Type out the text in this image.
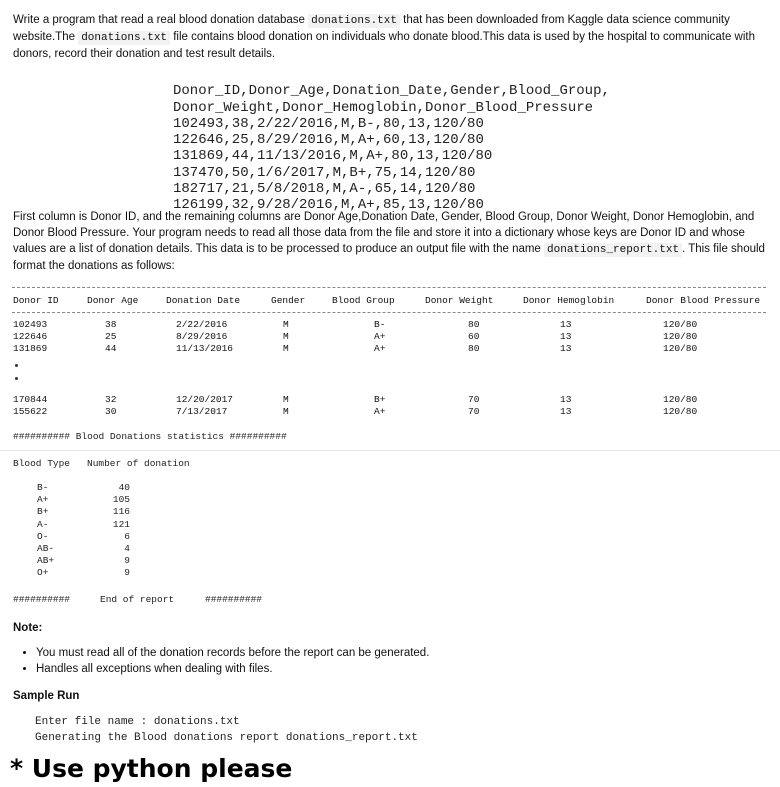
Write a program that read a real blood donation database donations.txt that has been downloaded from Kaggle data science community website.The donations.txt file contains blood donation on individuals who donate blood.This data is used by the hospital to communicate with donors, record their donation and test result details.

Donor_ID,Donor_Age,Donation_Date,Gender,Blood_Group,
Donor_Weight,Donor_Hemoglobin,Donor_Blood_Pressure
102493,38,2/22/2016,M,B-,80,13,120/80
122646,25,8/29/2016,M,A+,60,13,120/80
131869,44,11/13/2016,M,A+,80,13,120/80
137470,50,1/6/2017,M,B+,75,14,120/80
182717,21,5/8/2018,M,A-,65,14,120/80
126199,32,9/28/2016,M,A+,85,13,120/80

First column is Donor ID, and the remaining columns are Donor Age,Donation Date, Gender, Blood Group, Donor Weight, Donor Hemoglobin, and Donor Blood Pressure. Your program needs to read all those data from the file and store it into a dictionary whose keys are Donor ID and whose values are a list of donation details. This data is to be processed to produce an output file with the name donations_report.txt . This file should format the donations as follows:
Donor ID	Donor Age	Donation Date	Gender	Blood Group	Donor Weight	Donor Hemoglobin	Donor Blood Pressure
102493	38	2/22/2016	M	B-	80	13	120/80
122646	25	8/29/2016	M	A+	60	13	120/80
131869	44	11/13/2016	M	A+	80	13	120/80
170844	32	12/20/2017	M	B+	70	13	120/80
155622	30	7/13/2017	M	A+	70	13	120/80
########## Blood Donations statistics ##########
Blood Type Number of donation
B-	40
A+	105
B+	116
A-	121
O-	6
AB-	4
AB+	9
O+	9
##########	End of report	##########
Note:
• You must read all of the donation records before the report can be generated.
• Handles all exceptions when dealing with files.
Sample Run
Enter file name : donations.txt
Generating the Blood donations report donations_report.txt
* Use python please
